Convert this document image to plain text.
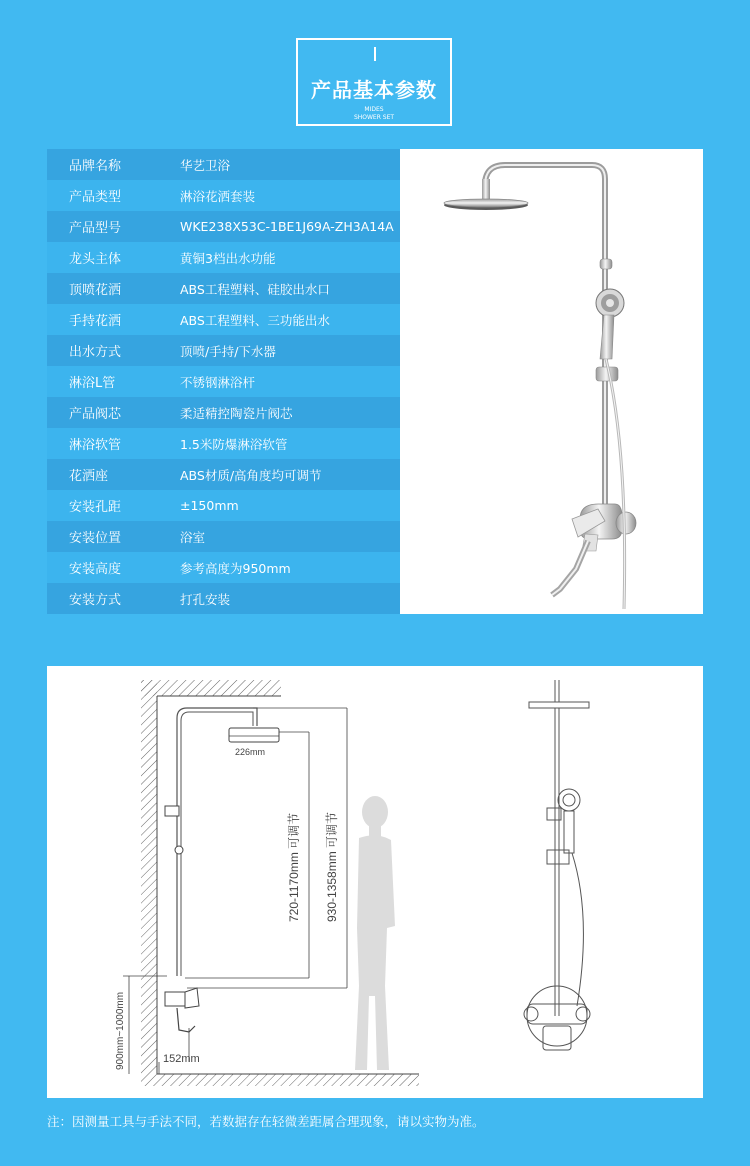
产品基本参数
MIDES
SHOWER SET
品牌名称	华艺卫浴
产品类型	淋浴花洒套装
产品型号	WKE238X53C-1BE1J69A-ZH3A14A
龙头主体	黄铜3档出水功能
顶喷花洒	ABS工程塑料、硅胶出水口
手持花洒	ABS工程塑料、三功能出水
出水方式	顶喷/手持/下水器
淋浴L管	不锈钢淋浴杆
产品阀芯	柔适精控陶瓷片阀芯
淋浴软管	1.5米防爆淋浴软管
花洒座	ABS材质/高角度均可调节
安装孔距	±150mm
安装位置	浴室
安装高度	参考高度为950mm
安装方式	打孔安装
226mm
152mm
720-1170mm 可调节 930-1358mm 可调节
900mm~1000mm
注：因测量工具与手法不同，若数据存在轻微差距属合理现象，请以实物为准。
